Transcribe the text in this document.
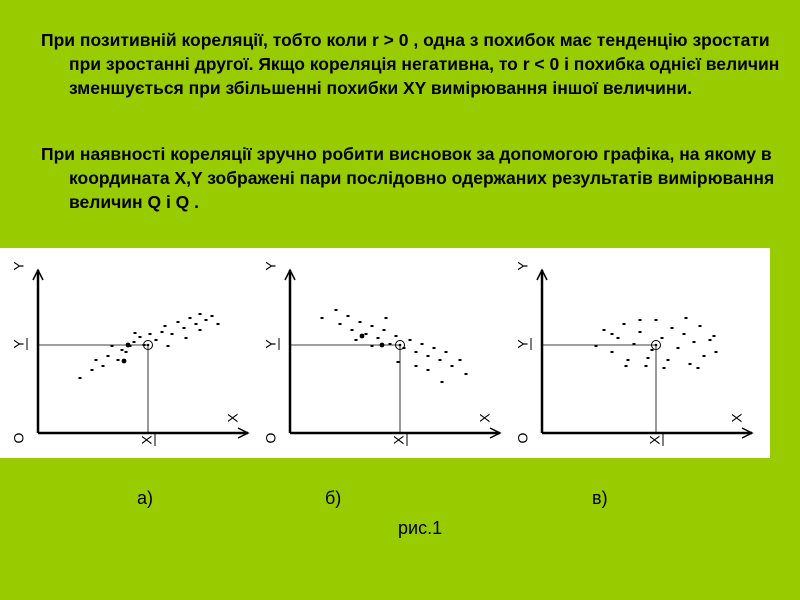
При позитивній кореляції, тобто коли r > 0 , одна з похибок має тенденцію зростати при зростанні другої. Якщо кореляція негативна, то r < 0 і похибка однієї величин зменшується при збільшенні похибки XY вимірювання іншої величини.

При наявності кореляції зручно робити висновок за допомогою графіка, на якому в координата X,Y зображені пари послідовно одержаних результатів вимірювання величин Q і Q .

Y
Y
O
X
X
Y
Y
O
X
X
Y
Y
O
X
X
а)	б)	в)
рис.1
